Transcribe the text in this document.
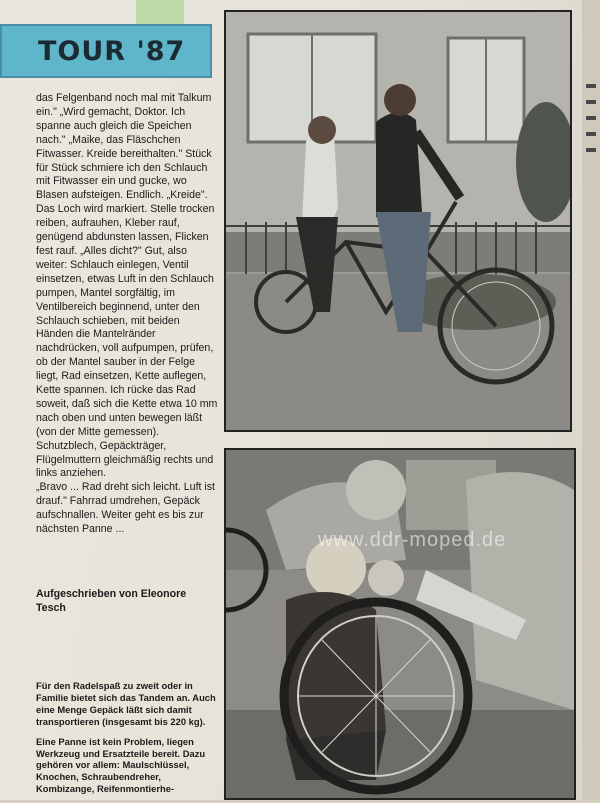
TOUR '87

das Felgenband noch mal mit Talkum ein." „Wird gemacht, Doktor. Ich spanne auch gleich die Speichen nach." „Maike, das Fläschchen Fitwasser. Kreide bereithalten." Stück für Stück schmiere ich den Schlauch mit Fitwasser ein und gucke, wo Blasen aufsteigen. Endlich. „Kreide". Das Loch wird markiert. Stelle trocken reiben, aufrauhen, Kleber rauf, genügend abdunsten lassen, Flicken fest rauf. „Alles dicht?" Gut, also weiter: Schlauch einlegen, Ventil einsetzen, etwas Luft in den Schlauch pumpen, Mantel sorgfältig, im Ventilbereich beginnend, unter den Schlauch schieben, mit beiden Händen die Mantelränder nachdrücken, voll aufpumpen, prüfen, ob der Mantel sauber in der Felge liegt, Rad einsetzen, Kette auflegen, Kette spannen. Ich rücke das Rad soweit, daß sich die Kette etwa 10 mm nach oben und unten bewegen läßt (von der Mitte gemessen). Schutzblech, Gepäckträger, Flügelmuttern gleichmäßig rechts und links anziehen.

„Bravo ... Rad dreht sich leicht. Luft ist drauf." Fahrrad umdrehen, Gepäck aufschnallen. Weiter geht es bis zur nächsten Panne ...

Aufgeschrieben von Eleonore Tesch

Für den Radelspaß zu zweit oder in Familie bietet sich das Tandem an. Auch eine Menge Gepäck läßt sich damit transportieren (insgesamt bis 220 kg).

Eine Panne ist kein Problem, liegen Werkzeug und Ersatzteile bereit. Dazu gehören vor allem: Maulschlüssel, Knochen, Schraubendreher, Kombizange, Reifenmontierhe-

www.ddr-moped.de
